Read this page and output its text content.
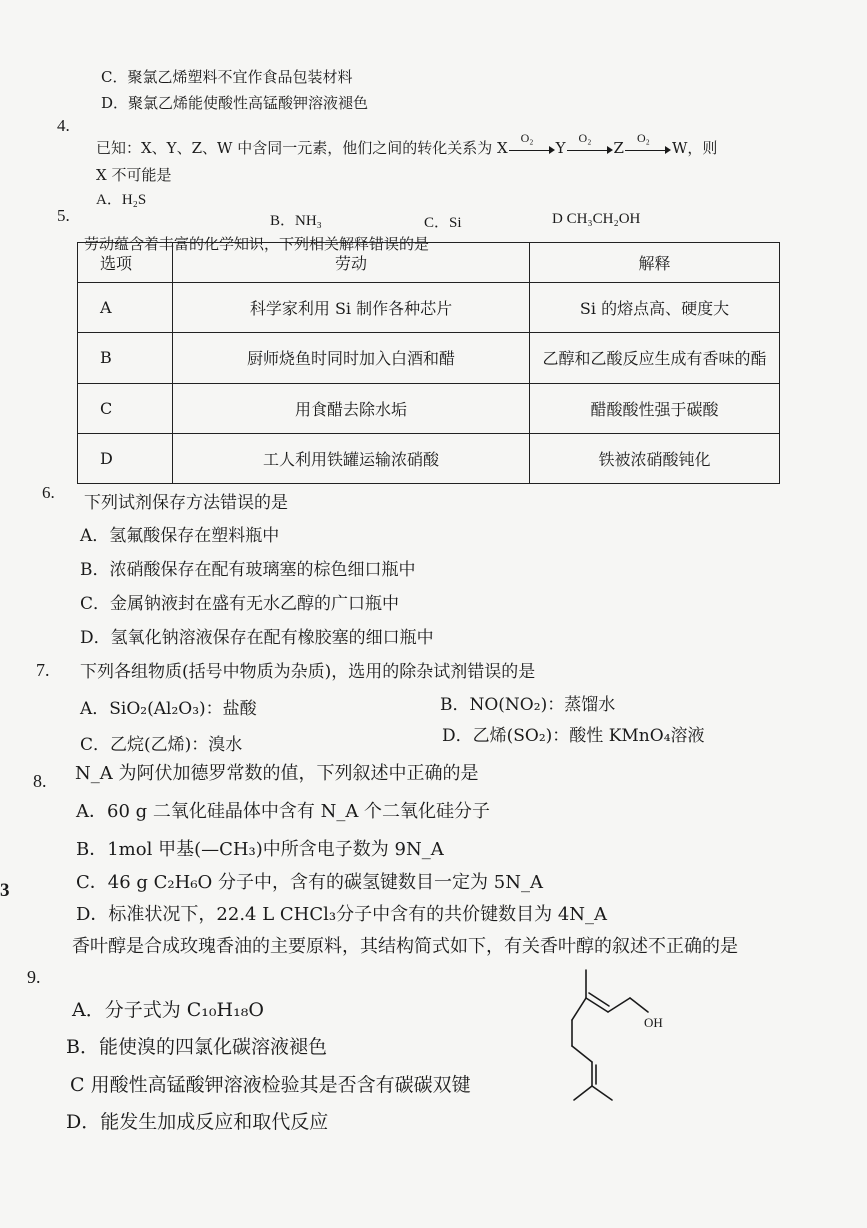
C．聚氯乙烯塑料不宜作食品包装材料
D．聚氯乙烯能使酸性高锰酸钾溶液褪色
4.
已知：X、Y、Z、W 中含同一元素，他们之间的转化关系为 X
O₂
Y
O₂
Z
O₂
W，则
X 不可能是
A．H₂S
B．NH₃	C．Si	D CH₃CH₂OH
5.
劳动蕴含着丰富的化学知识，下列相关解释错误的是
选项	劳动	解释
A	科学家利用 Si 制作各种芯片	Si 的熔点高、硬度大
B	厨师烧鱼时同时加入白酒和醋	乙醇和乙酸反应生成有香味的酯
C	用食醋去除水垢	醋酸酸性强于碳酸
D	工人利用铁罐运输浓硝酸	铁被浓硝酸钝化
6.
下列试剂保存方法错误的是
A．氢氟酸保存在塑料瓶中
B．浓硝酸保存在配有玻璃塞的棕色细口瓶中
C．金属钠液封在盛有无水乙醇的广口瓶中
D．氢氧化钠溶液保存在配有橡胶塞的细口瓶中
7. 下列各组物质(括号中物质为杂质)，选用的除杂试剂错误的是
A．SiO₂(Al₂O₃)：盐酸	B．NO(NO₂)：蒸馏水
C．乙烷(乙烯)：溴水	D．乙烯(SO₂)：酸性 KMnO₄溶液
8. N_A 为阿伏加德罗常数的值，下列叙述中正确的是
A．60 g 二氧化硅晶体中含有 N_A 个二氧化硅分子
B．1mol 甲基(—CH₃)中所含电子数为 9N_A
C．46 g C₂H₆O 分子中，含有的碳氢键数目一定为 5N_A
D．标准状况下，22.4 L CHCl₃分子中含有的共价键数目为 4N_A
3
9.
香叶醇是合成玫瑰香油的主要原料，其结构简式如下，有关香叶醇的叙述不正确的是
A．分子式为 C₁₀H₁₈O
B．能使溴的四氯化碳溶液褪色
C 用酸性高锰酸钾溶液检验其是否含有碳碳双键
D．能发生加成反应和取代反应
OH
